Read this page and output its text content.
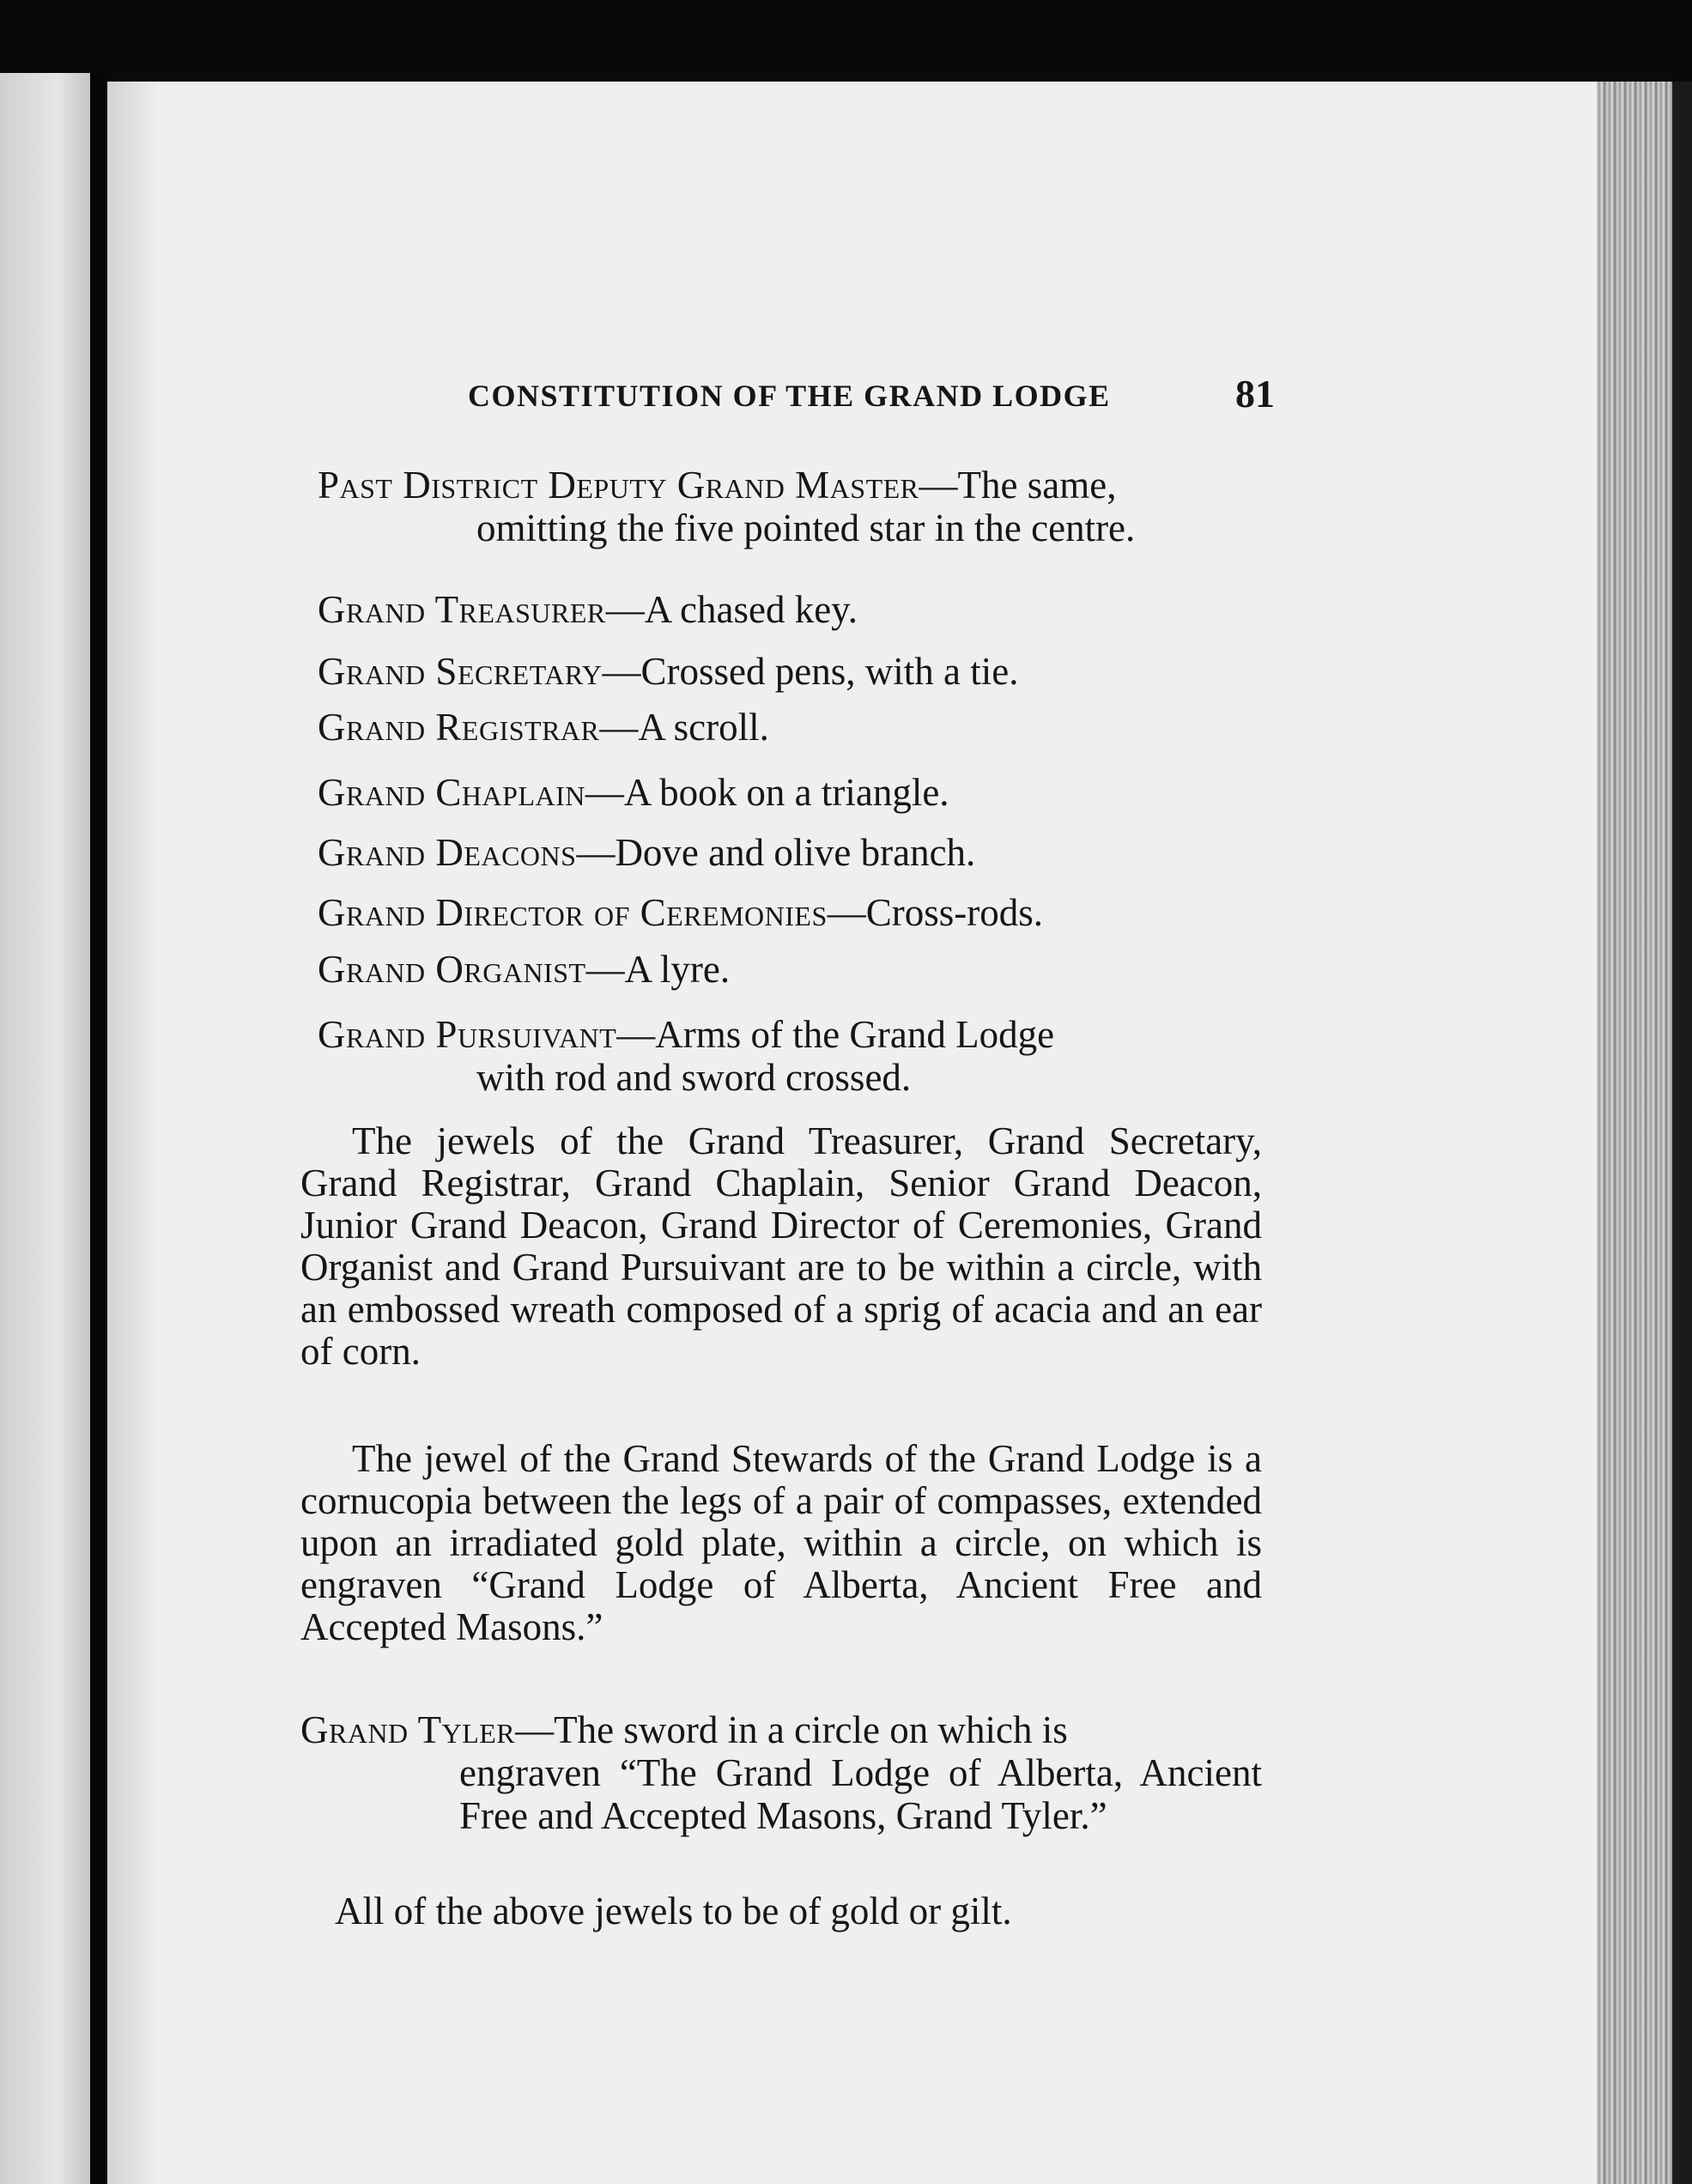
CONSTITUTION OF THE GRAND LODGE	81
Past District Deputy Grand Master—The same,
omitting the five pointed star in the centre.
Grand Treasurer—A chased key.
Grand Secretary—Crossed pens, with a tie.
Grand Registrar—A scroll.
Grand Chaplain—A book on a triangle.
Grand Deacons—Dove and olive branch.
Grand Director of Ceremonies—Cross-rods.
Grand Organist—A lyre.
Grand Pursuivant—Arms of the Grand Lodge
with rod and sword crossed.
The jewels of the Grand Treasurer, Grand Secretary, Grand Registrar, Grand Chaplain, Senior Grand Deacon, Junior Grand Deacon, Grand Director of Ceremonies, Grand Organist and Grand Pursuivant are to be within a circle, with an embossed wreath composed of a sprig of acacia and an ear of corn.
The jewel of the Grand Stewards of the Grand Lodge is a cornucopia between the legs of a pair of compasses, extended upon an irradiated gold plate, within a circle, on which is engraven “Grand Lodge of Alberta, Ancient Free and Accepted Masons.”
Grand Tyler—The sword in a circle on which is
engraven “The Grand Lodge of Alberta, Ancient Free and Accepted Masons, Grand Tyler.”
All of the above jewels to be of gold or gilt.
